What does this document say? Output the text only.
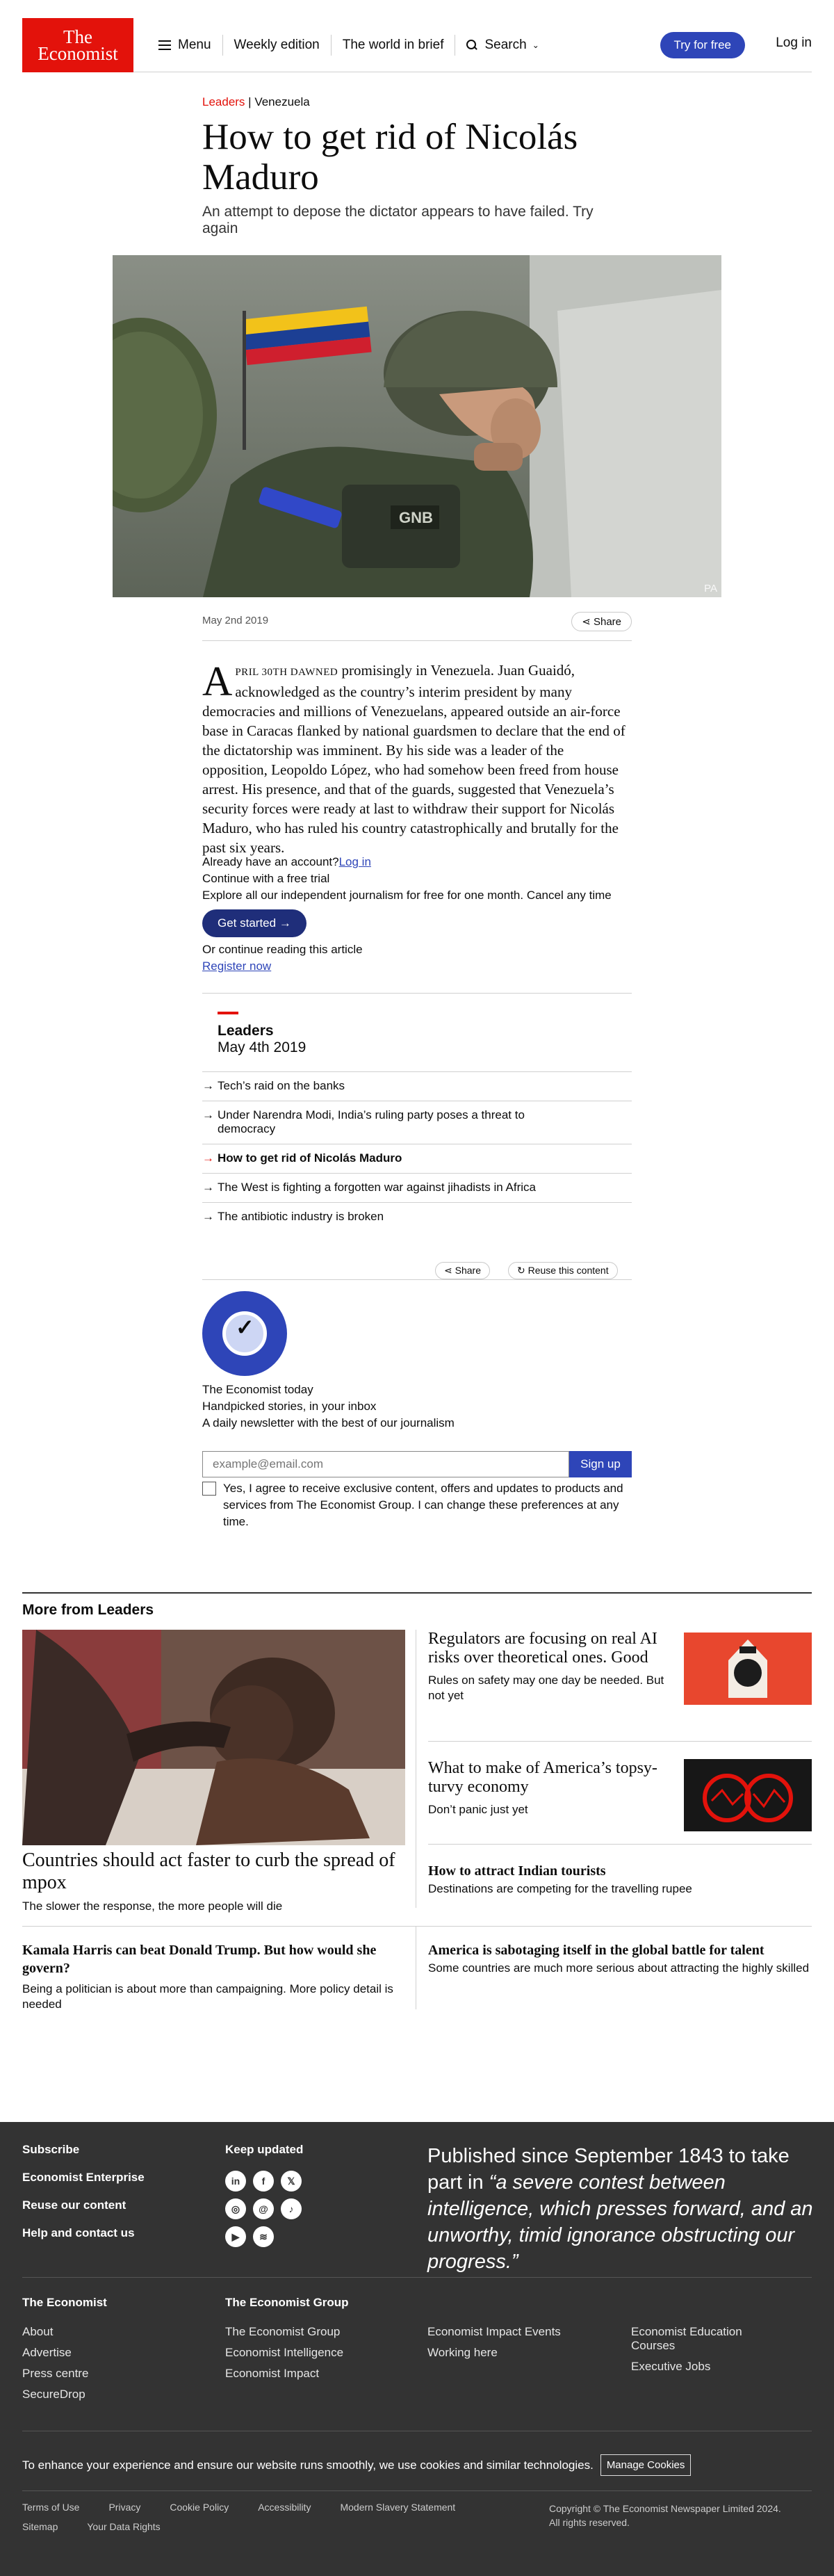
The Economist	Menu	Weekly edition	The world in brief	Search ⌄	Try for free	Log in
Leaders | Venezuela
How to get rid of Nicolás Maduro

An attempt to depose the dictator appears to have failed. Try again

GNB
PA
May 2nd 2019	⋖ Share
APRIL 30TH DAWNED promisingly in Venezuela. Juan Guaidó, acknowledged as the country’s interim president by many democracies and millions of Venezuelans, appeared outside an air-force base in Caracas flanked by national guardsmen to declare that the end of the dictatorship was imminent. By his side was a leader of the opposition, Leopoldo López, who had somehow been freed from house arrest. His presence, and that of the guards, suggested that Venezuela’s security forces were ready at last to withdraw their support for Nicolás Maduro, who has ruled his country catastrophically and brutally for the past six years.
Already have an account?Log in
Continue with a free trial
Explore all our independent journalism for free for one month. Cancel any time
Get started
→
Or continue reading this article
Register now
Leaders
May 4th 2019
→ Tech’s raid on the banks
→ Under Narendra Modi, India’s ruling party poses a threat to democracy
→ How to get rid of Nicolás Maduro
→ The West is fighting a forgotten war against jihadists in Africa
→ The antibiotic industry is broken
⋖ Share	↻ Reuse this content
✓
The Economist today
Handpicked stories, in your inbox
A daily newsletter with the best of our journalism
example@email.com
Sign up
Yes, I agree to receive exclusive content, offers and updates to products and services from The Economist Group. I can change these preferences at any time.
More from Leaders
Countries should act faster to curb the spread of mpox
The slower the response, the more people will die
Regulators are focusing on real AI risks over theoretical ones. Good
Rules on safety may one day be needed. But not yet
What to make of America’s topsy-turvy economy
Don’t panic just yet
How to attract Indian tourists
Destinations are competing for the travelling rupee
Kamala Harris can beat Donald Trump. But how would she govern?
Being a politician is about more than campaigning. More policy detail is needed
America is sabotaging itself in the global battle for talent
Some countries are much more serious about attracting the highly skilled
Subscribe
Economist Enterprise
Reuse our content
Help and contact us
Keep updated
in	f	𝕏
◎	@	♪
▶	≋
Published since September 1843 to take part in “a severe contest between intelligence, which presses forward, and an unworthy, timid ignorance obstructing our progress.”
The Economist
About
Advertise
Press centre
SecureDrop
The Economist Group
The Economist Group
Economist Intelligence
Economist Impact
Economist Impact Events
Working here
Economist Education Courses
Executive Jobs
To enhance your experience and ensure our website runs smoothly, we use cookies and similar technologies.	Manage Cookies
Terms of Use	Privacy	Cookie Policy	Accessibility	Modern Slavery Statement
Sitemap	Your Data Rights
Copyright © The Economist Newspaper Limited 2024.
All rights reserved.
